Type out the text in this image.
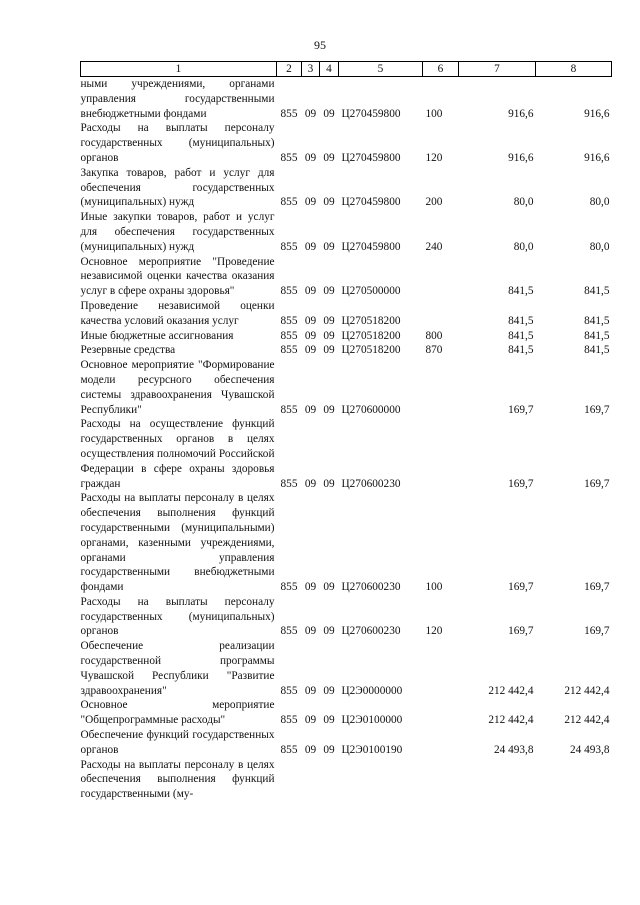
95
1	2	3	4	5	6	7	8
ными учреждениями, органами управления государственными внебюджетными фондами	855	09	09	Ц270459800	100	916,6	916,6
Расходы на выплаты персоналу государственных (муниципальных) органов	855	09	09	Ц270459800	120	916,6	916,6
Закупка товаров, работ и услуг для обеспечения государственных (муниципальных) нужд	855	09	09	Ц270459800	200	80,0	80,0
Иные закупки товаров, работ и услуг для обеспечения государственных (муниципальных) нужд	855	09	09	Ц270459800	240	80,0	80,0
Основное мероприятие "Проведение независимой оценки качества оказания услуг в сфере охраны здоровья"	855	09	09	Ц270500000		841,5	841,5
Проведение независимой оценки качества условий оказания услуг	855	09	09	Ц270518200		841,5	841,5
Иные бюджетные ассигнования	855	09	09	Ц270518200	800	841,5	841,5
Резервные средства	855	09	09	Ц270518200	870	841,5	841,5
Основное мероприятие "Формирование модели ресурсного обеспечения системы здравоохранения Чувашской Республики"	855	09	09	Ц270600000		169,7	169,7
Расходы на осуществление функций государственных органов в целях осуществления полномочий Российской Федерации в сфере охраны здоровья граждан	855	09	09	Ц270600230		169,7	169,7
Расходы на выплаты персоналу в целях обеспечения выполнения функций государственными (муниципальными) органами, казенными учреждениями, органами управления государственными внебюджетными фондами	855	09	09	Ц270600230	100	169,7	169,7
Расходы на выплаты персоналу государственных (муниципальных) органов	855	09	09	Ц270600230	120	169,7	169,7
Обеспечение реализации государственной программы Чувашской Республики "Развитие здравоохранения"	855	09	09	Ц2Э0000000		212 442,4	212 442,4
Основное мероприятие "Общепрограммные расходы"	855	09	09	Ц2Э0100000		212 442,4	212 442,4
Обеспечение функций государственных органов	855	09	09	Ц2Э0100190		24 493,8	24 493,8
Расходы на выплаты персоналу в целях обеспечения выполнения функций государственными (му-							
